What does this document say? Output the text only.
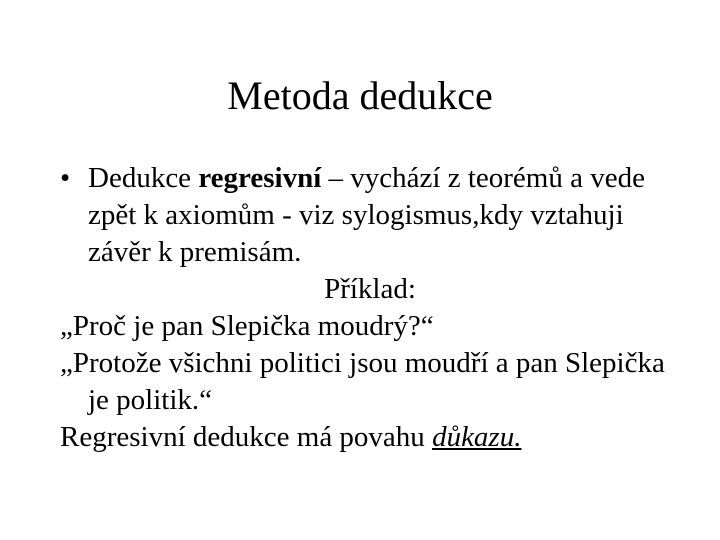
Metoda dedukce
• Dedukce regresivní – vychází z teorémů a vede zpět k axiomům - viz sylogismus,kdy vztahuji závěr k premisám.
Příklad:
„Proč je pan Slepička moudrý?“
„Protože všichni politici jsou moudří a pan Slepička je politik.“
Regresivní dedukce má povahu důkazu.
